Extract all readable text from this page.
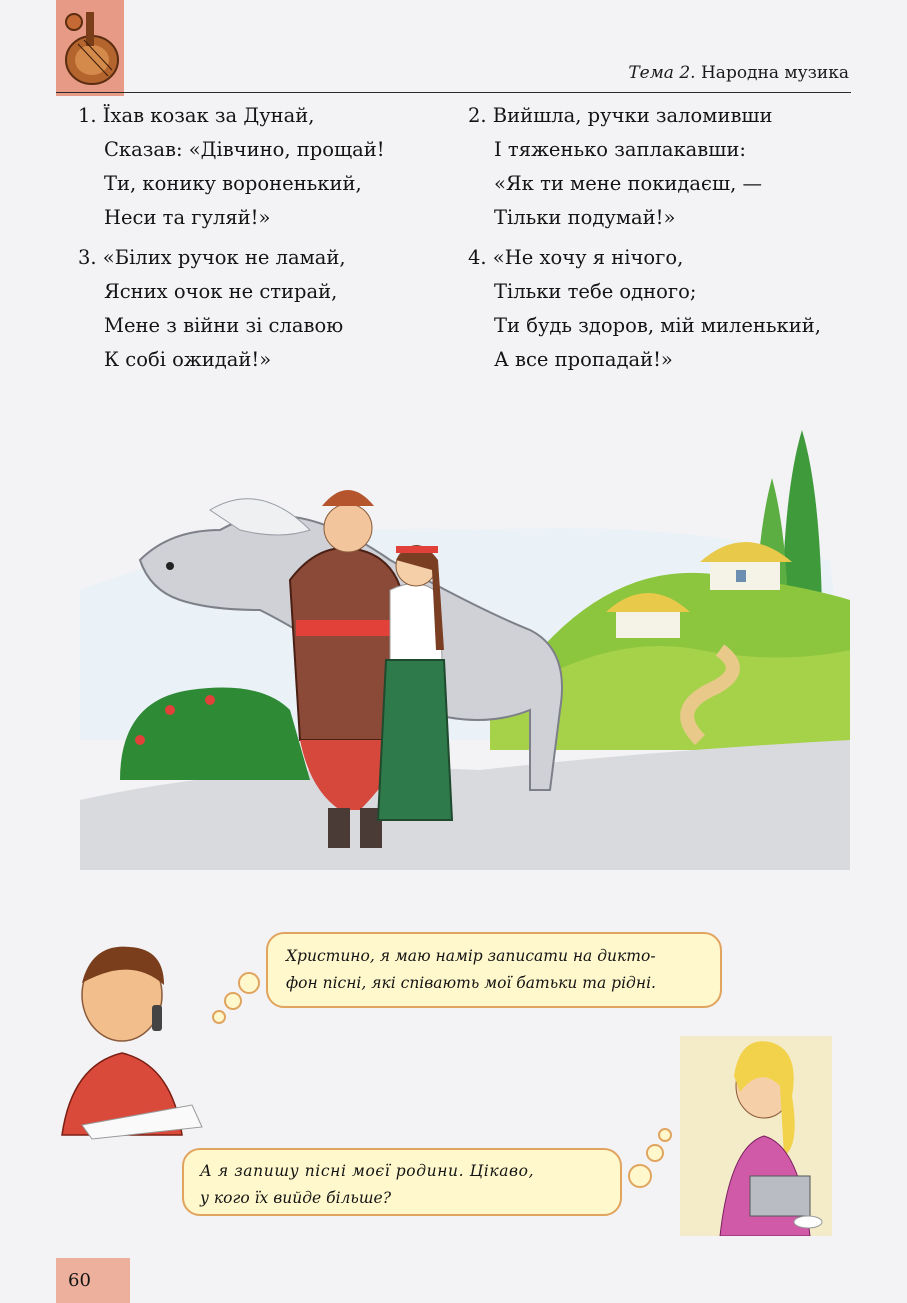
Тема 2. Народна музика
1. Їхав козак за Дунай,
Сказав: «Дівчино, прощай!
Ти, конику вороненький,
Неси та гуляй!»
2. Вийшла, ручки заломивши
І тяженько заплакавши:
«Як ти мене покидаєш, —
Тільки подумай!»
3. «Білих ручок не ламай,
Ясних очок не стирай,
Мене з війни зі славою
К собі ожидай!»
4. «Не хочу я нічого,
Тільки тебе одного;
Ти будь здоров, мій миленький,
А все пропадай!»
Христино, я маю намір записати на дикто-
фон пісні, які співають мої батьки та рідні.
А я запишу пісні моєї родини. Цікаво,
у кого їх вийде більше?
60
